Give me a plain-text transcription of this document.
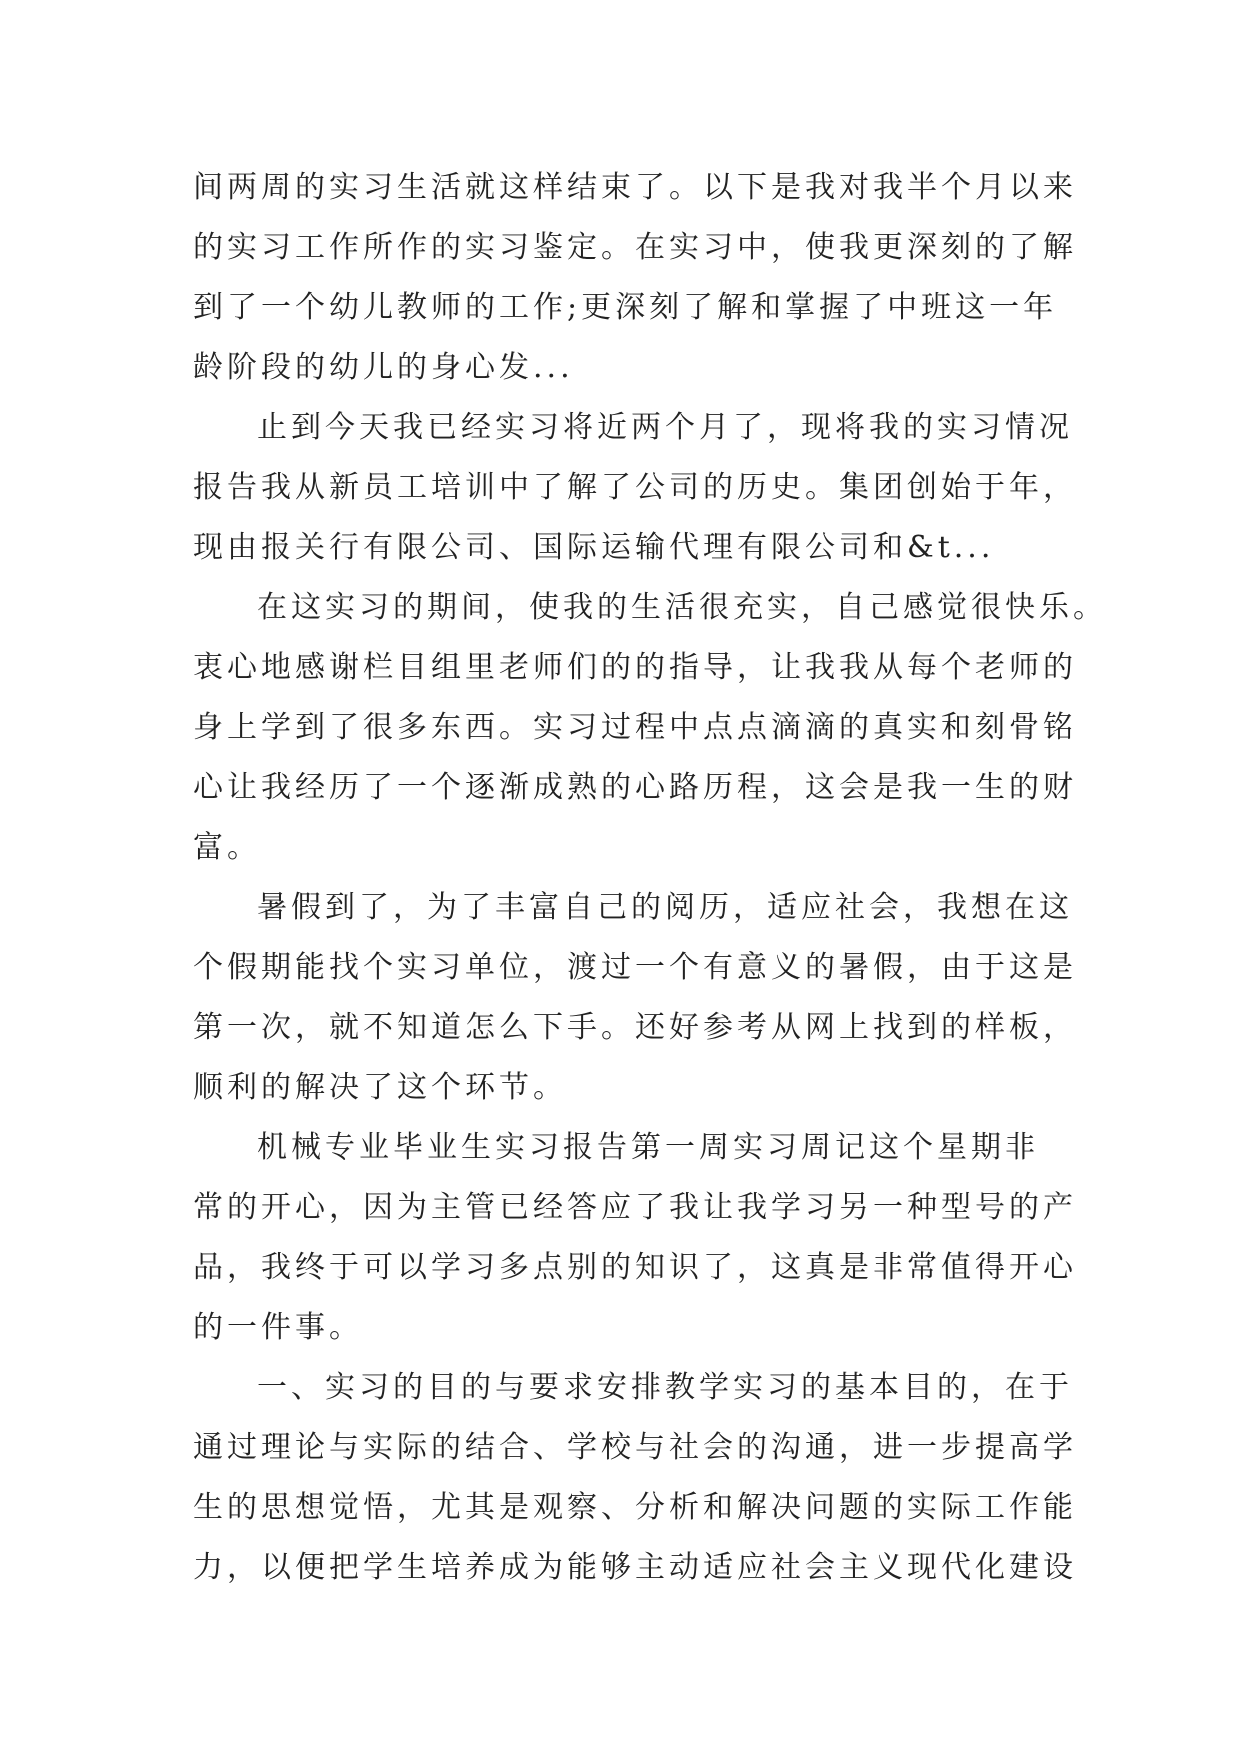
间两周的实习生活就这样结束了。以下是我对我半个月以来
的实习工作所作的实习鉴定。在实习中，使我更深刻的了解
到了一个幼儿教师的工作;更深刻了解和掌握了中班这一年
龄阶段的幼儿的身心发...
止到今天我已经实习将近两个月了，现将我的实习情况
报告我从新员工培训中了解了公司的历史。集团创始于年，
现由报关行有限公司、国际运输代理有限公司和&t...
在这实习的期间，使我的生活很充实，自己感觉很快乐。
衷心地感谢栏目组里老师们的的指导，让我我从每个老师的
身上学到了很多东西。实习过程中点点滴滴的真实和刻骨铭
心让我经历了一个逐渐成熟的心路历程，这会是我一生的财
富。
暑假到了，为了丰富自己的阅历，适应社会，我想在这
个假期能找个实习单位，渡过一个有意义的暑假，由于这是
第一次，就不知道怎么下手。还好参考从网上找到的样板，
顺利的解决了这个环节。
机械专业毕业生实习报告第一周实习周记这个星期非
常的开心，因为主管已经答应了我让我学习另一种型号的产
品，我终于可以学习多点别的知识了，这真是非常值得开心
的一件事。
一、实习的目的与要求安排教学实习的基本目的，在于
通过理论与实际的结合、学校与社会的沟通，进一步提高学
生的思想觉悟，尤其是观察、分析和解决问题的实际工作能
力，以便把学生培养成为能够主动适应社会主义现代化建设
